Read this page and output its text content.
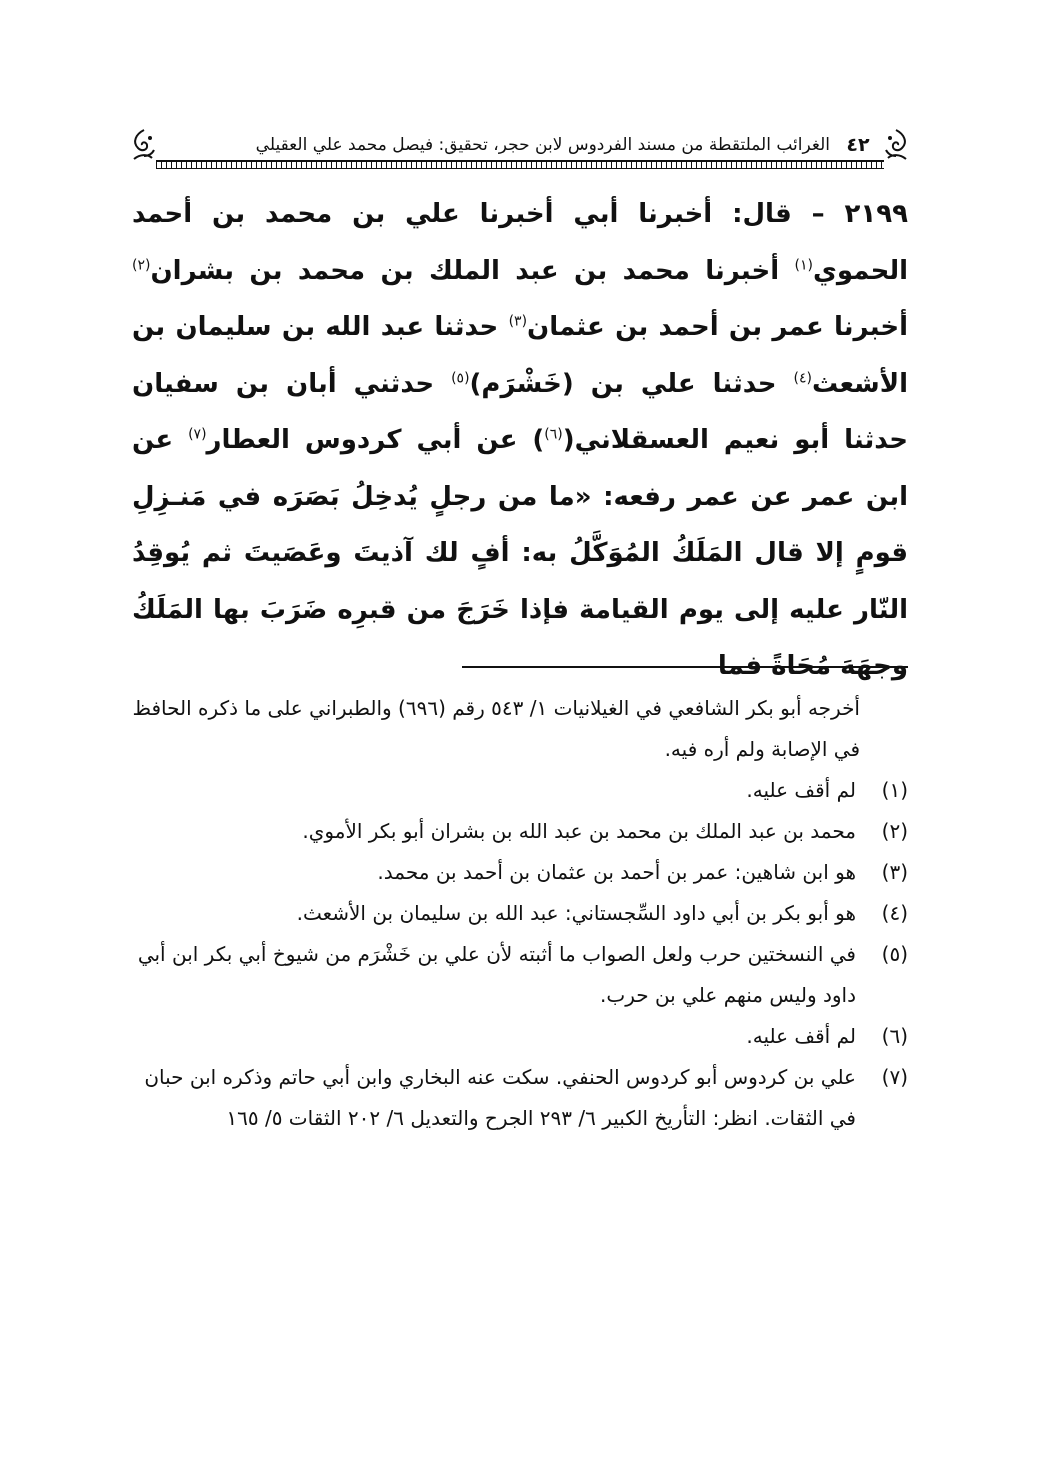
٤٢
الغرائب الملتقطة من مسند الفردوس لابن حجر، تحقيق: فيصل محمد علي العقيلي
٢١٩٩ – قال: أخبرنا أبي أخبرنا علي بن محمد بن أحمد الحموي$^{(١)}$ أخبرنا محمد بن عبد الملك بن محمد بن بشران$^{(٢)}$ أخبرنا عمر بن أحمد بن عثمان$^{(٣)}$ حدثنا عبد الله بن سليمان بن الأشعث$^{(٤)}$ حدثنا علي بن (خَشْرَم)$^{(٥)}$ حدثني أبان بن سفيان حدثنا أبو نعيم العسقلاني($^{(٦)}$) عن أبي كردوس العطار$^{(٧)}$ عن ابن عمر عن عمر رفعه: «ما من رجلٍ يُدخِلُ بَصَرَه في مَنـزِلِ قومٍ إلا قال المَلَكُ المُوَكَّلُ به: أفٍ لك آذيتَ وعَصَيتَ ثم يُوقِدُ النّار عليه إلى يوم القيامة فإذا خَرَجَ من قبرِه ضَرَبَ بها المَلَكُ وجهَهَ مُحَاةً فما
أخرجه أبو بكر الشافعي في الغيلانيات ١/ ٥٤٣ رقم (٦٩٦) والطبراني على ما ذكره الحافظ في الإصابة ولم أره فيه.
(١)
لم أقف عليه.
(٢)
محمد بن عبد الملك بن محمد بن عبد الله بن بشران أبو بكر الأموي.
(٣)
هو ابن شاهين: عمر بن أحمد بن عثمان بن أحمد بن محمد.
(٤)
هو أبو بكر بن أبي داود السِّجستاني: عبد الله بن سليمان بن الأشعث.
(٥)
في النسختين حرب ولعل الصواب ما أثبته لأن علي بن خَشْرَم من شيوخ أبي بكر ابن أبي داود وليس منهم علي بن حرب.
(٦)
لم أقف عليه.
(٧)
علي بن كردوس أبو كردوس الحنفي. سكت عنه البخاري وابن أبي حاتم وذكره ابن حبان في الثقات. انظر: التأريخ الكبير ٦/ ٢٩٣ الجرح والتعديل ٦/ ٢٠٢ الثقات ٥/ ١٦٥
